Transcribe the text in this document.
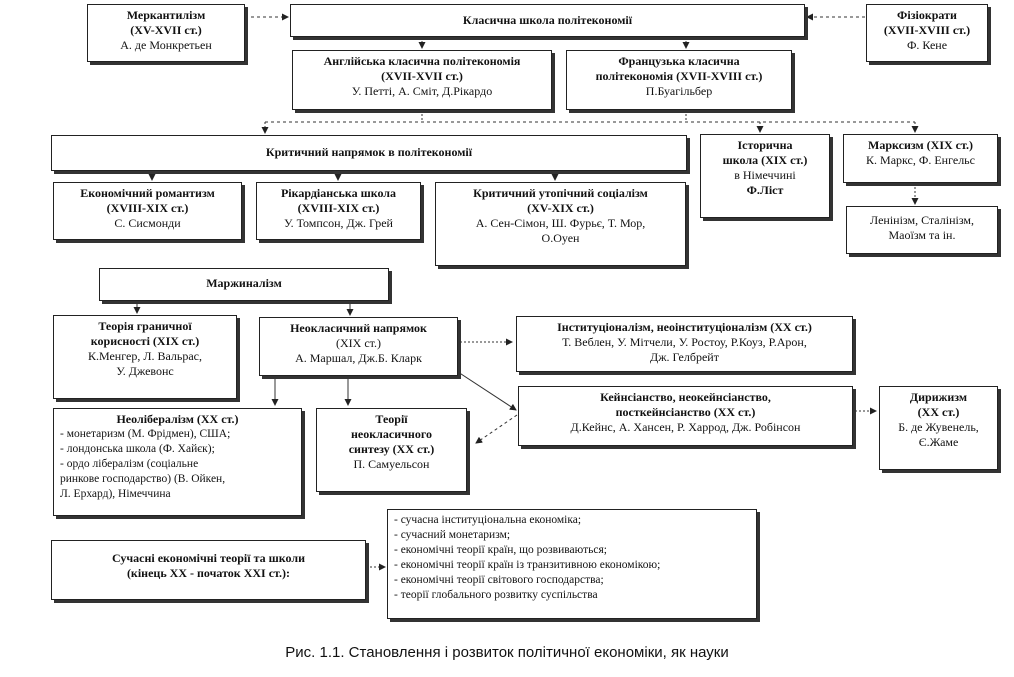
Меркантилізм
(XV-XVII ст.)
А. де Монкретьен
Класична школа політекономії	Фізіократи
(XVII-XVIII ст.)
Ф. Кене
Англійська класична політекономія
(XVII-XVII ст.)
У. Петті, А. Сміт, Д.Рікардо
Французька класична
політекономія (XVII-XVIII ст.)
П.Буагільбер
Критичний напрямок в політекономії	Історична
школа (XIX ст.)
в Німеччині
Ф.Ліст
Марксизм (XIX ст.)
К. Маркс, Ф. Енгельс
Економічний романтизм
(XVIII-XIX ст.)
С. Сисмонди
Рікардіанська школа
(XVIII-XIX ст.)
У. Томпсон, Дж. Грей
Критичний утопічний соціалізм
(XV-XIX ст.)
А. Сен-Сімон, Ш. Фурьє, Т. Мор,
О.Оуен
Ленінізм, Сталінізм,
Маоїзм та ін.
Маржиналізм
Теорія граничної
корисності (XIX ст.)
К.Менгер, Л. Вальрас,
У. Джевонс
Неокласичний напрямок
(XIX ст.)
А. Маршал, Дж.Б. Кларк
Інституціоналізм, неоінституціоналізм (XX ст.)
Т. Веблен, У. Мітчели, У. Ростоу, Р.Коуз, Р.Арон,
Дж. Гелбрейт
Неолібералізм (XX ст.)
- монетаризм (М. Фрідмен), США;
- лондонська школа (Ф. Хайєк);
- ордо лібералізм (соціальне
ринкове господарство) (В. Ойкен,
Л. Ерхард), Німеччина
Теорії
неокласичного
синтезу (XX ст.)
П. Самуельсон
Кейнсіанство, неокейнсіанство,
посткейнсіанство (XX ст.)
Д.Кейнс, А. Хансен, Р. Харрод, Дж. Робінсон
Дирижизм
(XX ст.)
Б. де Жувенель,
Є.Жаме
Сучасні економічні теорії та школи
(кінець XX - початок XXI ст.):
- сучасна інституціональна економіка;
- сучасний монетаризм;
- економічні теорії країн, що розвиваються;
- економічні теорії країн із транзитивною економікою;
- економічні теорії світового господарства;
- теорії глобального розвитку суспільства
Рис. 1.1. Становлення і розвиток політичної економіки, як науки
